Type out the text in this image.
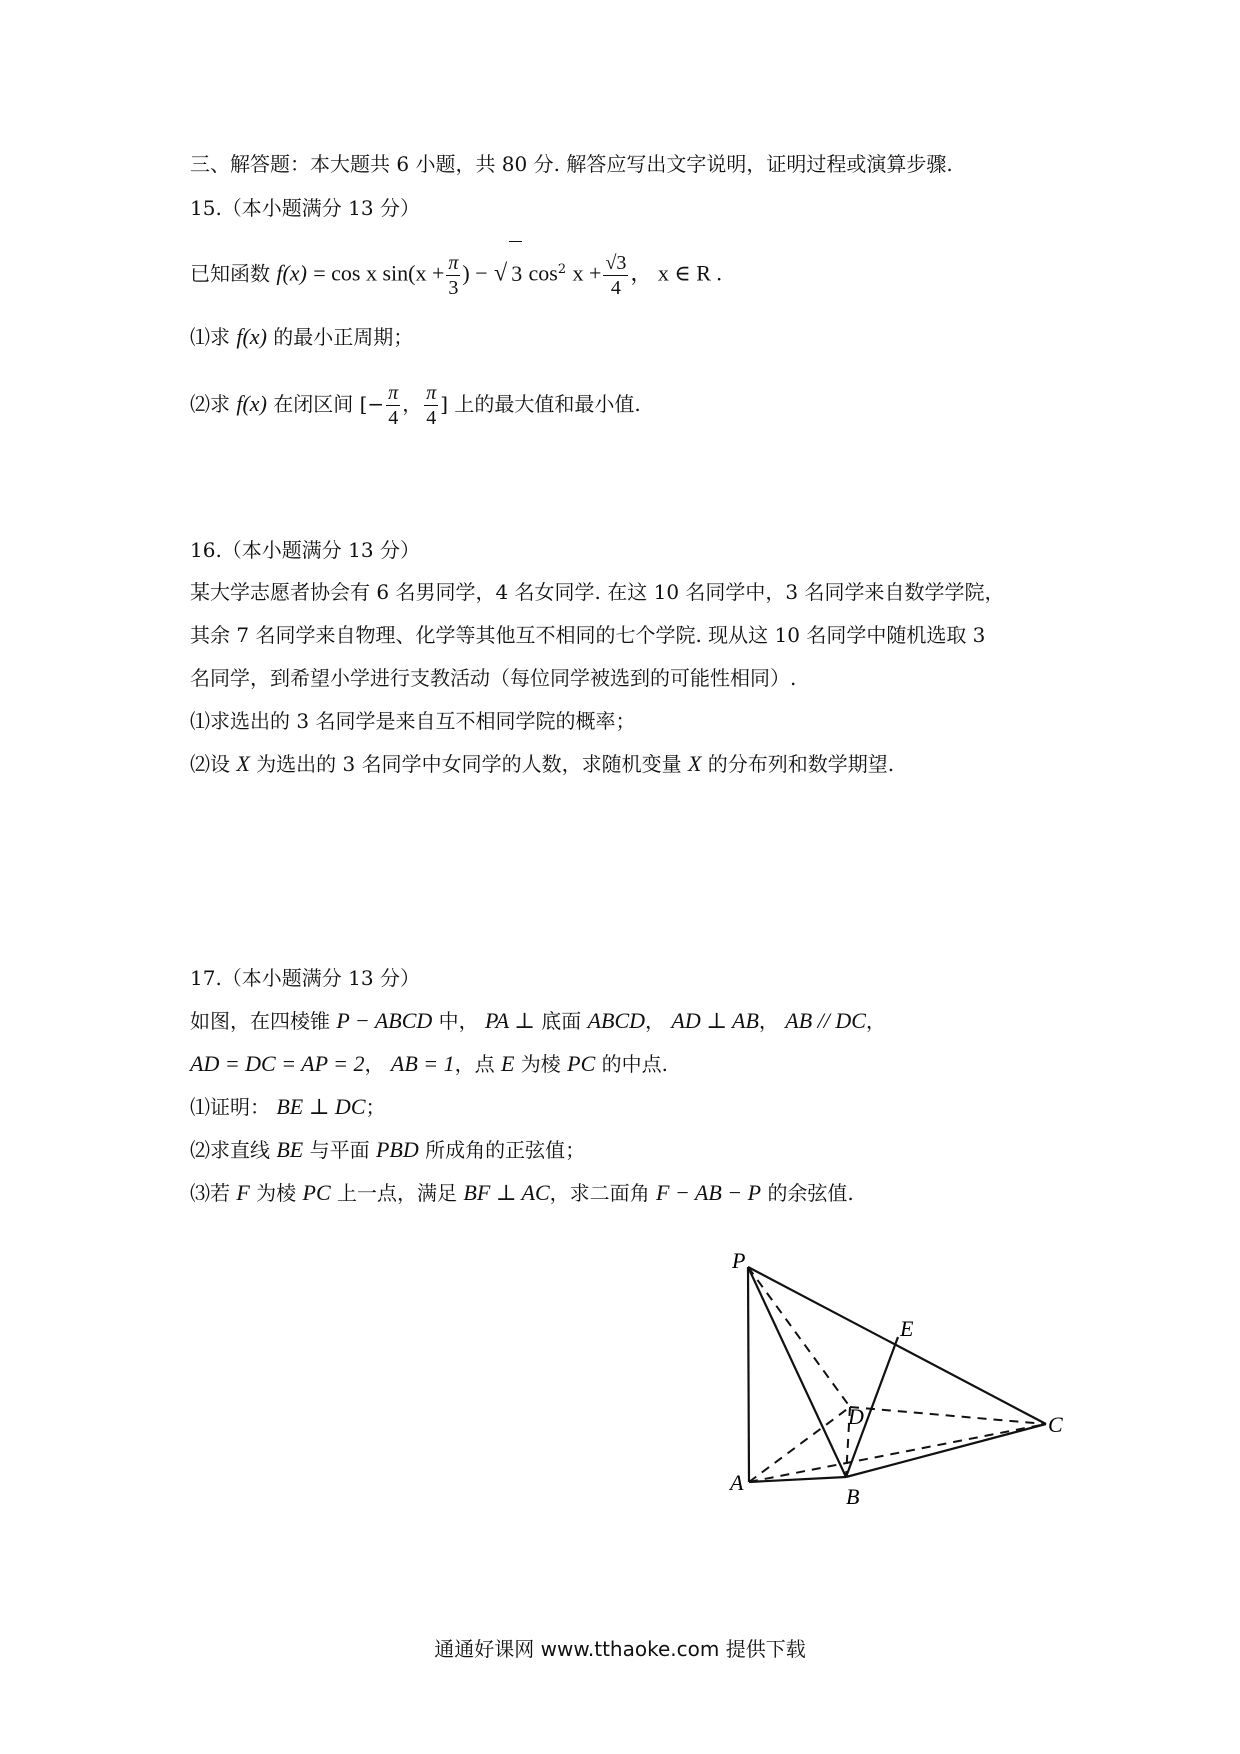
三、解答题：本大题共 6 小题，共 80 分. 解答应写出文字说明，证明过程或演算步骤.
15.（本小题满分 13 分）
已知函数 f(x) = cos x $\sin(x + \frac{\pi}{3}$ ) − √ 3 $\cos^2 x + \frac{√3}{4}$ ， x ∈ R .
⑴求 f(x) 的最小正周期；
⑵求 f(x) 在闭区间 [− $\frac{\pi}{4}$ ， $\frac{\pi}{4}$ ] 上的最大值和最小值.
16.（本小题满分 13 分）
某大学志愿者协会有 6 名男同学，4 名女同学. 在这 10 名同学中，3 名同学来自数学学院，
其余 7 名同学来自物理、化学等其他互不相同的七个学院. 现从这 10 名同学中随机选取 3
名同学，到希望小学进行支教活动（每位同学被选到的可能性相同）.
⑴求选出的 3 名同学是来自互不相同学院的概率；
⑵设 X 为选出的 3 名同学中女同学的人数，求随机变量 X 的分布列和数学期望.
17.（本小题满分 13 分）
如图，在四棱锥 P − ABCD 中， PA ⊥ 底面 ABCD， AD ⊥ AB， AB // DC，
AD = DC = AP = 2， AB = 1，点 E 为棱 PC 的中点.
⑴证明： BE ⊥ DC；
⑵求直线 BE 与平面 PBD 所成角的正弦值；
⑶若 F 为棱 PC 上一点，满足 BF ⊥ AC，求二面角 F − AB − P 的余弦值.
P
E
D	C
A
B
通通好课网 www.tthaoke.com 提供下载
